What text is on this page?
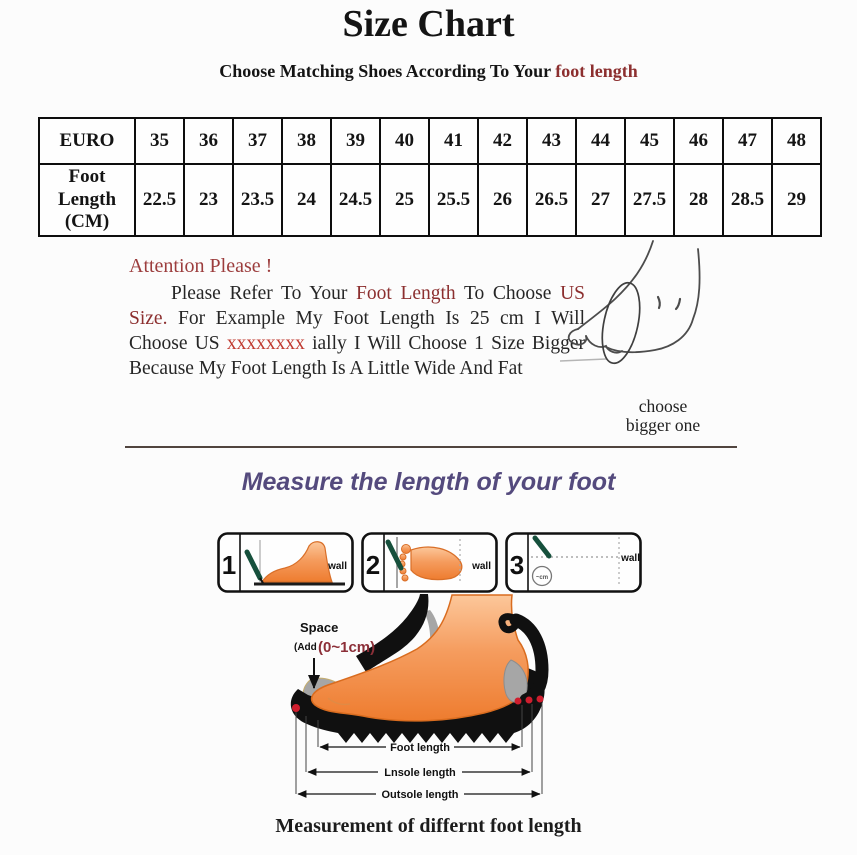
Size Chart
Choose Matching Shoes According To Your foot length
EURO	35	36	37	38	39	40	41	42	43	44	45	46	47	48

Foot
Length
(CM)	22.5	23	23.5	24	24.5	25	25.5	26	26.5	27	27.5	28	28.5	29
Attention Please !

Please Refer To Your Foot Length To Choose US Size. For Example My Foot Length Is 25 cm I Will Choose US xxxxxxxx ially I Will Choose 1 Size Bigger Because My Foot Length Is A Little Wide And Fat

choose
bigger one
Measure the length of your foot
1	wall 2	wall 3 ~cm
wall
Space
(Add (0~1cm)
Foot length
Lnsole length
Outsole length
Measurement of differnt foot length
